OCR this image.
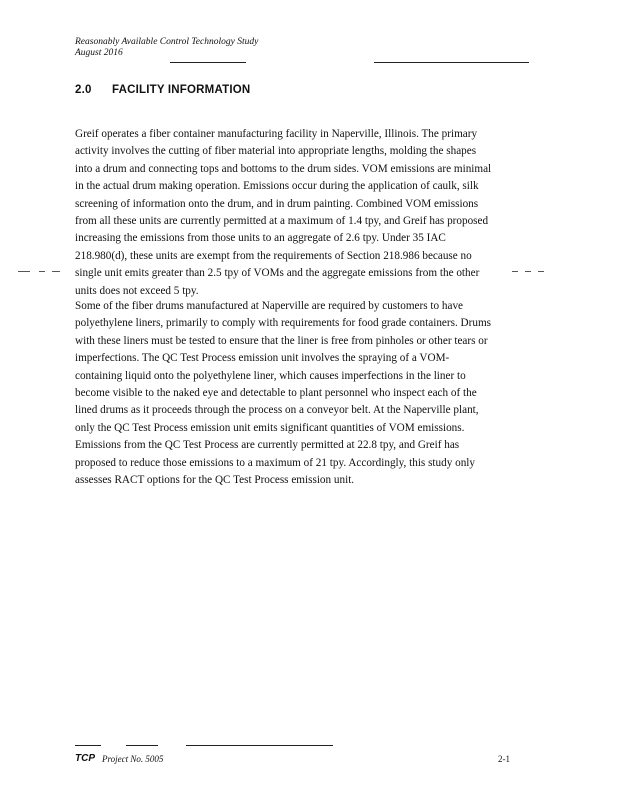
Reasonably Available Control Technology Study
August 2016
2.0 FACILITY INFORMATION
Greif operates a fiber container manufacturing facility in Naperville, Illinois. The primary
activity involves the cutting of fiber material into appropriate lengths, molding the shapes
into a drum and connecting tops and bottoms to the drum sides. VOM emissions are minimal
in the actual drum making operation. Emissions occur during the application of caulk, silk
screening of information onto the drum, and in drum painting. Combined VOM emissions
from all these units are currently permitted at a maximum of 1.4 tpy, and Greif has proposed
increasing the emissions from those units to an aggregate of 2.6 tpy. Under 35 IAC
218.980(d), these units are exempt from the requirements of Section 218.986 because no
single unit emits greater than 2.5 tpy of VOMs and the aggregate emissions from the other
units does not exceed 5 tpy.
Some of the fiber drums manufactured at Naperville are required by customers to have
polyethylene liners, primarily to comply with requirements for food grade containers. Drums
with these liners must be tested to ensure that the liner is free from pinholes or other tears or
imperfections. The QC Test Process emission unit involves the spraying of a VOM-
containing liquid onto the polyethylene liner, which causes imperfections in the liner to
become visible to the naked eye and detectable to plant personnel who inspect each of the
lined drums as it proceeds through the process on a conveyor belt. At the Naperville plant,
only the QC Test Process emission unit emits significant quantities of VOM emissions.
Emissions from the QC Test Process are currently permitted at 22.8 tpy, and Greif has
proposed to reduce those emissions to a maximum of 21 tpy. Accordingly, this study only
assesses RACT options for the QC Test Process emission unit.
TCP Project No. 5005	2-1
